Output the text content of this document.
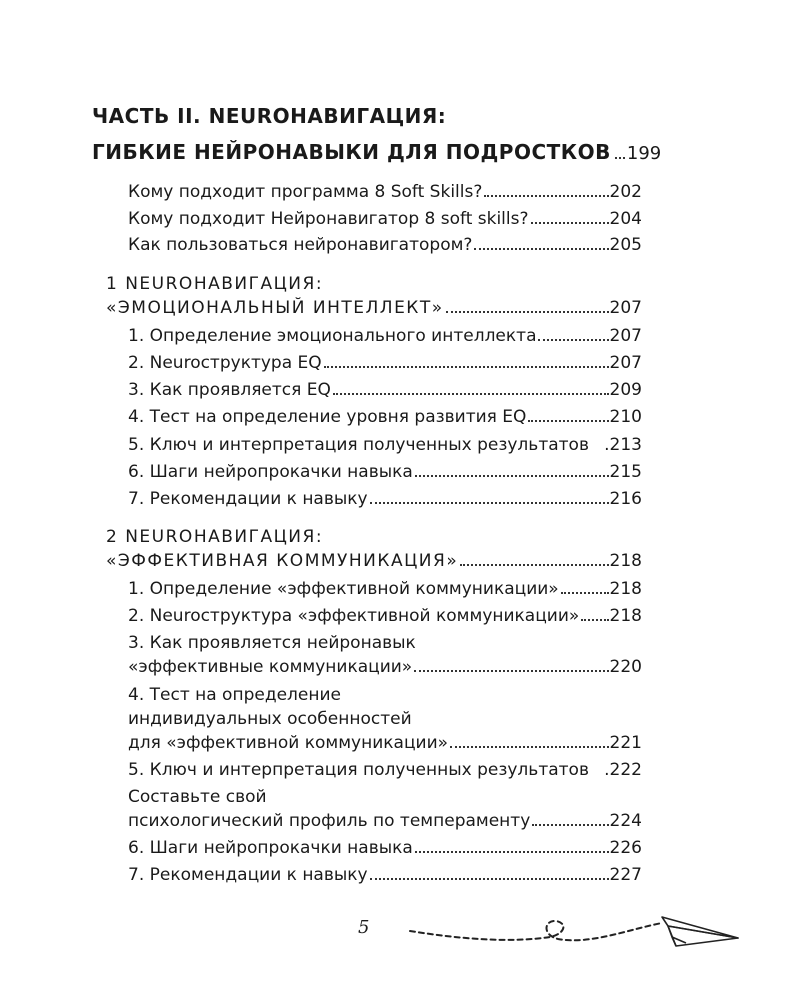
ЧАСТЬ II. NEURОНАВИГАЦИЯ:
ГИБКИЕ НЕЙРОНАВЫКИ ДЛЯ ПОДРОСТКОВ 199
Кому подходит программа 8 Soft Skills?	202
Кому подходит Нейронавигатор 8 soft skills?	204
Как пользоваться нейронавигатором?	205
1 NEURОНАВИГАЦИЯ:
«ЭМОЦИОНАЛЬНЫЙ ИНТЕЛЛЕКТ»	207
1. Определение эмоционального интеллекта	207
2. Neuroструктура EQ	207
3. Как проявляется EQ	209
4. Тест на определение уровня развития EQ	210
5. Ключ и интерпретация полученных результатов .213
6. Шаги нейропрокачки навыка	215
7. Рекомендации к навыку	216
2 NEURОНАВИГАЦИЯ:
«ЭФФЕКТИВНАЯ КОММУНИКАЦИЯ»	218
1. Определение «эффективной коммуникации»	218
2. Neuroструктура «эффективной коммуникации» 218
3. Как проявляется нейронавык
«эффективные коммуникации»	220
4. Тест на определение
индивидуальных особенностей
для «эффективной коммуникации»	221
5. Ключ и интерпретация полученных результатов .222
Составьте свой
психологический профиль по темпераменту	224
6. Шаги нейропрокачки навыка	226
7. Рекомендации к навыку	227
5
